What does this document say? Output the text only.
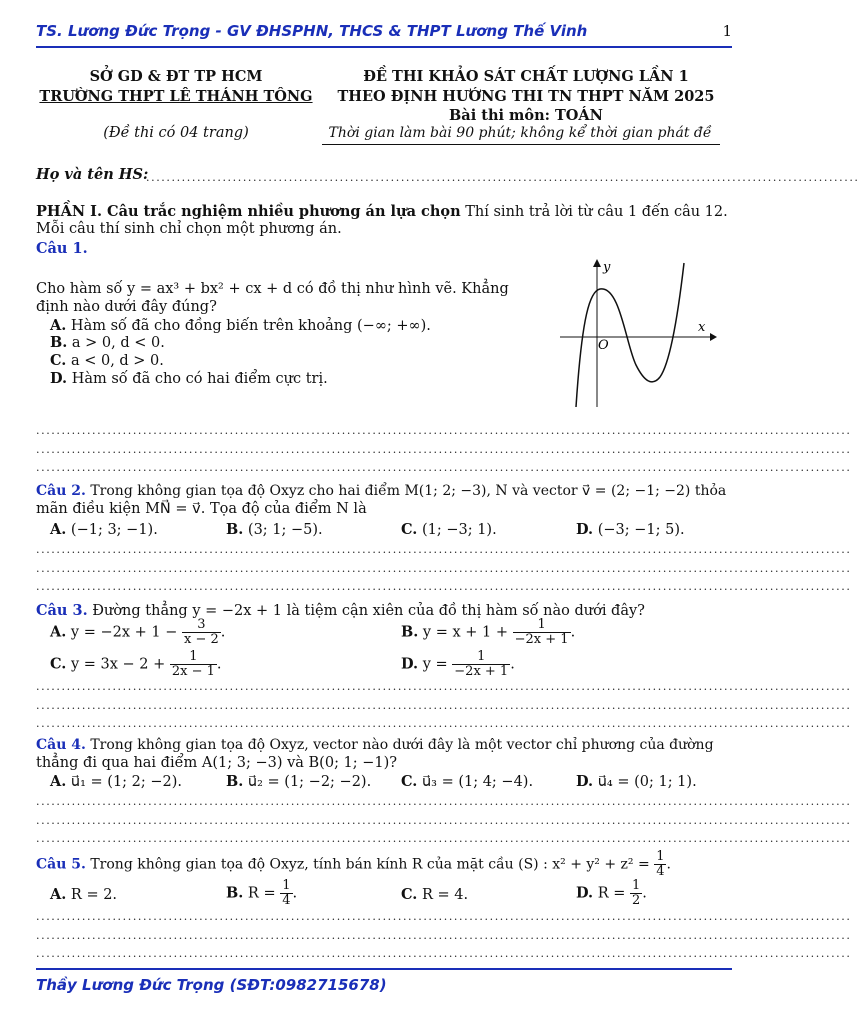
TS. Lương Đức Trọng - GV ĐHSPHN, THCS & THPT Lương Thế Vinh	1
SỞ GD & ĐT TP HCM
TRƯỜNG THPT LÊ THÁNH TÔNG
(Đề thi có 04 trang)
ĐỀ THI KHẢO SÁT CHẤT LƯỢNG LẦN 1
THEO ĐỊNH HƯỚNG THI TN THPT NĂM 2025
Bài thi môn: TOÁN
Thời gian làm bài 90 phút; không kể thời gian phát đề
Họ và tên HS:
............................................................................................................................................
PHẦN I. Câu trắc nghiệm nhiều phương án lựa chọn Thí sinh trả lời từ câu 1 đến câu 12.
Mỗi câu thí sinh chỉ chọn một phương án.
Câu 1.
Cho hàm số y = ax³ + bx² + cx + d có đồ thị như hình vẽ. Khẳng
định nào dưới đây đúng?
A. Hàm số đã cho đồng biến trên khoảng (−∞; +∞).
B. a > 0, d < 0.
C. a < 0, d > 0.
D. Hàm số đã cho có hai điểm cực trị.
x
y
O
................................................................................................................................................................
................................................................................................................................................................
................................................................................................................................................................
Câu 2. Trong không gian tọa độ Oxyz cho hai điểm M(1; 2; −3), N và vector v⃗ = (2; −1; −2) thỏa
mãn điều kiện MN⃗ = v⃗. Tọa độ của điểm N là
A. (−1; 3; −1).	B. (3; 1; −5).	C. (1; −3; 1).	D. (−3; −1; 5).
................................................................................................................................................................
................................................................................................................................................................
................................................................................................................................................................
Câu 3. Đường thẳng y = −2x + 1 là tiệm cận xiên của đồ thị hàm số nào dưới đây?
A. $y = -2x + 1 - \frac{3}{x - 2}$ .	B. $y = x + 1 + \frac{1}{-2x + 1}$ .
C. $y = 3x - 2 + \frac{1}{2x - 1}$ .	D. $y = \frac{1}{-2x + 1}$ .
................................................................................................................................................................
................................................................................................................................................................
................................................................................................................................................................
Câu 4. Trong không gian tọa độ Oxyz, vector nào dưới đây là một vector chỉ phương của đường
thẳng đi qua hai điểm A(1; 3; −3) và B(0; 1; −1)?
A. u⃗₁ = (1; 2; −2).	B. u⃗₂ = (1; −2; −2). C. u⃗₃ = (1; 4; −4).	D. u⃗₄ = (0; 1; 1).
................................................................................................................................................................
................................................................................................................................................................
................................................................................................................................................................
Câu 5. Trong không gian tọa độ Oxyz, tính bán kính R của mặt cầu (S) : $x^2 + y^2 + z^2 = \frac{1}{4}$ .
A. R = 2.	B. $R = \frac{1}{4}$ .	C. R = 4.	D. $R = \frac{1}{2}$ .
................................................................................................................................................................
................................................................................................................................................................
................................................................................................................................................................
Thầy Lương Đức Trọng (SĐT:0982715678)
